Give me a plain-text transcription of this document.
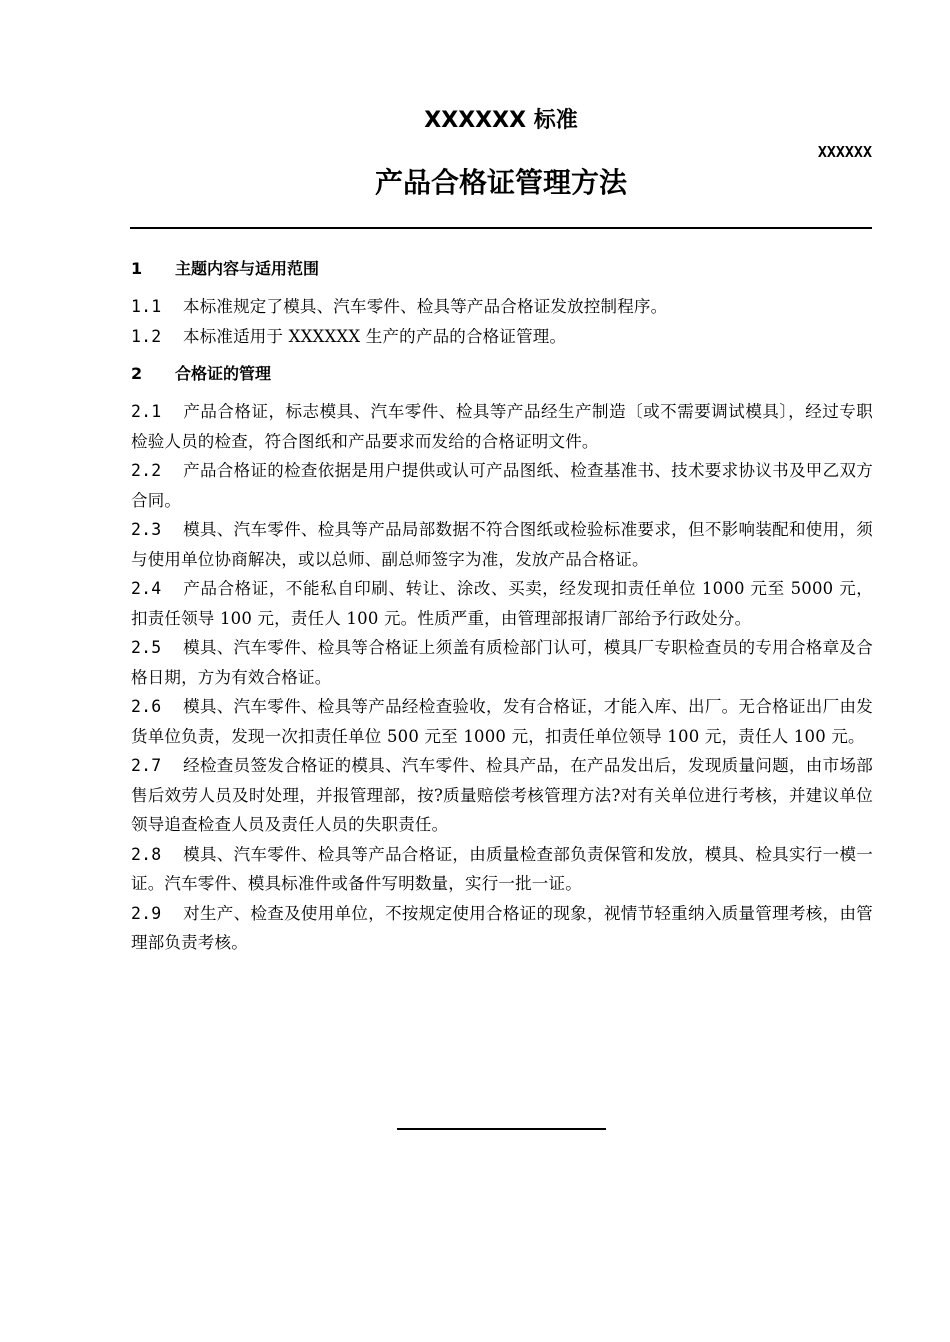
XXXXXX 标准
XXXXXX
产品合格证管理方法
1 主题内容与适用范围
1.1 本标准规定了模具、汽车零件、检具等产品合格证发放控制程序。
1.2 本标准适用于 XXXXXX 生产的产品的合格证管理。
2 合格证的管理
2.1 产品合格证，标志模具、汽车零件、检具等产品经生产制造〔或不需要调试模具〕，经过专职检验人员的检查，符合图纸和产品要求而发给的合格证明文件。
2.2 产品合格证的检查依据是用户提供或认可产品图纸、检查基准书、技术要求协议书及甲乙双方合同。
2.3 模具、汽车零件、检具等产品局部数据不符合图纸或检验标准要求，但不影响装配和使用，须与使用单位协商解决，或以总师、副总师签字为准，发放产品合格证。
2.4 产品合格证，不能私自印刷、转让、涂改、买卖，经发现扣责任单位 1000 元至 5000 元，扣责任领导 100 元，责任人 100 元。性质严重，由管理部报请厂部给予行政处分。
2.5 模具、汽车零件、检具等合格证上须盖有质检部门认可，模具厂专职检查员的专用合格章及合格日期，方为有效合格证。
2.6 模具、汽车零件、检具等产品经检查验收，发有合格证，才能入库、出厂。无合格证出厂由发货单位负责，发现一次扣责任单位 500 元至 1000 元，扣责任单位领导 100 元，责任人 100 元。
2.7 经检查员签发合格证的模具、汽车零件、检具产品，在产品发出后，发现质量问题，由市场部售后效劳人员及时处理，并报管理部，按?质量赔偿考核管理方法?对有关单位进行考核，并建议单位领导追查检查人员及责任人员的失职责任。
2.8 模具、汽车零件、检具等产品合格证，由质量检查部负责保管和发放，模具、检具实行一模一证。汽车零件、模具标准件或备件写明数量，实行一批一证。
2.9 对生产、检查及使用单位，不按规定使用合格证的现象，视情节轻重纳入质量管理考核，由管理部负责考核。
